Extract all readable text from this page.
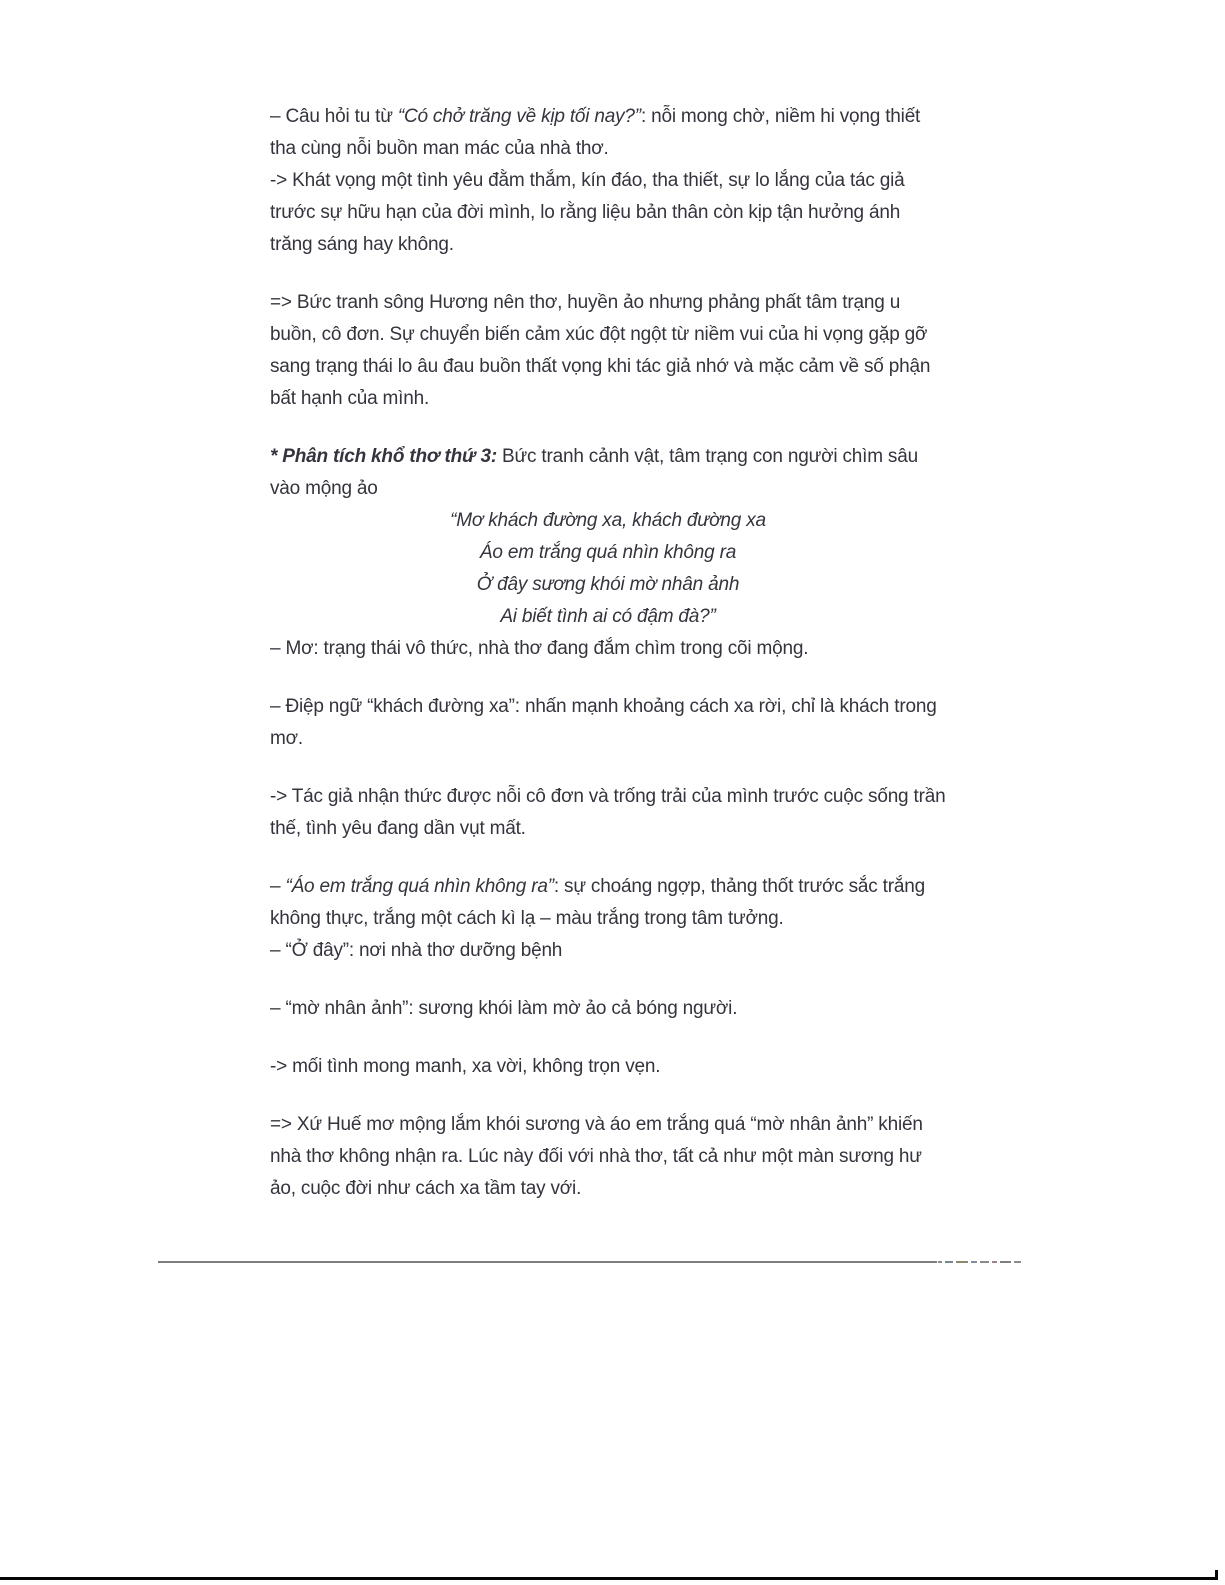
– Câu hỏi tu từ “Có chở trăng về kịp tối nay?”: nỗi mong chờ, niềm hi vọng thiết tha cùng nỗi buồn man mác của nhà thơ.

-> Khát vọng một tình yêu đằm thắm, kín đáo, tha thiết, sự lo lắng của tác giả trước sự hữu hạn của đời mình, lo rằng liệu bản thân còn kịp tận hưởng ánh trăng sáng hay không.

=> Bức tranh sông Hương nên thơ, huyền ảo nhưng phảng phất tâm trạng u buồn, cô đơn. Sự chuyển biến cảm xúc đột ngột từ niềm vui của hi vọng gặp gỡ sang trạng thái lo âu đau buồn thất vọng khi tác giả nhớ và mặc cảm về số phận bất hạnh của mình.

* Phân tích khổ thơ thứ 3: Bức tranh cảnh vật, tâm trạng con người chìm sâu vào mộng ảo

“Mơ khách đường xa, khách đường xa

Áo em trắng quá nhìn không ra

Ở đây sương khói mờ nhân ảnh

Ai biết tình ai có đậm đà?”

– Mơ: trạng thái vô thức, nhà thơ đang đắm chìm trong cõi mộng.

– Điệp ngữ “khách đường xa”: nhấn mạnh khoảng cách xa rời, chỉ là khách trong mơ.

-> Tác giả nhận thức được nỗi cô đơn và trống trải của mình trước cuộc sống trần thế, tình yêu đang dần vụt mất.

– “Áo em trắng quá nhìn không ra”: sự choáng ngợp, thảng thốt trước sắc trắng không thực, trắng một cách kì lạ – màu trắng trong tâm tưởng.

– “Ở đây”: nơi nhà thơ dưỡng bệnh

– “mờ nhân ảnh”: sương khói làm mờ ảo cả bóng người.

-> mối tình mong manh, xa vời, không trọn vẹn.

=> Xứ Huế mơ mộng lắm khói sương và áo em trắng quá “mờ nhân ảnh” khiến nhà thơ không nhận ra. Lúc này đối với nhà thơ, tất cả như một màn sương hư ảo, cuộc đời như cách xa tầm tay với.
